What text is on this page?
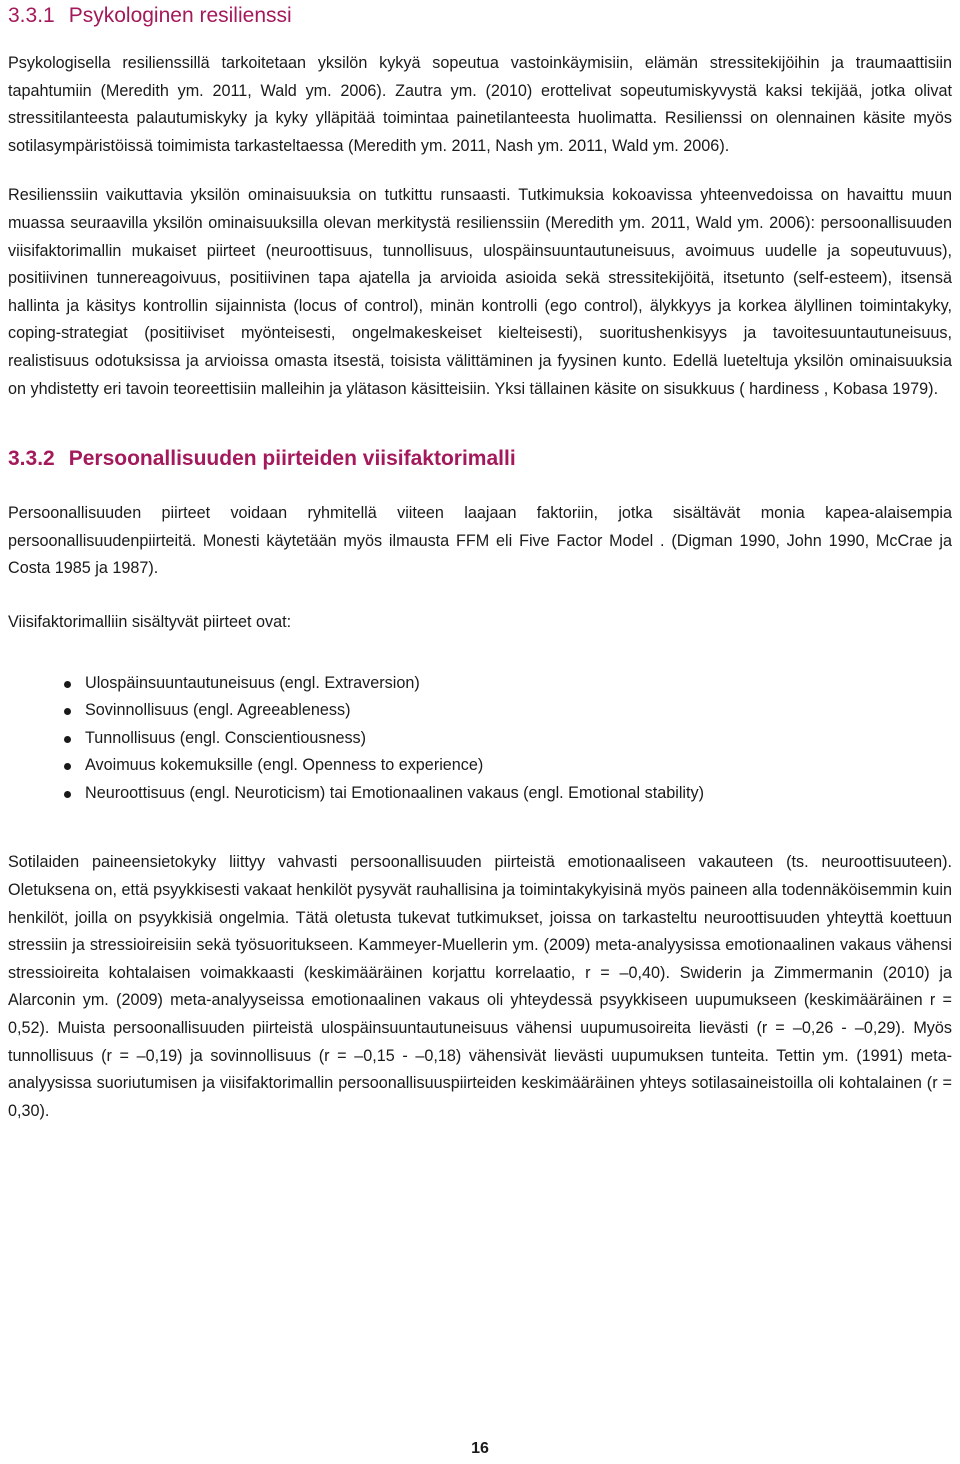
3.3.1 Psykologinen resilienssi

Psykologisella resilienssillä tarkoitetaan yksilön kykyä sopeutua vastoinkäymisiin, elämän stressitekijöihin ja traumaattisiin tapahtumiin (Meredith ym. 2011, Wald ym. 2006). Zautra ym. (2010) erottelivat sopeutumiskyvystä kaksi tekijää, jotka olivat stressitilanteesta palautumiskyky ja kyky ylläpitää toimintaa painetilanteesta huolimatta. Resilienssi on olennainen käsite myös sotilasympäristöissä toimimista tarkasteltaessa (Meredith ym. 2011, Nash ym. 2011, Wald ym. 2006).

Resilienssiin vaikuttavia yksilön ominaisuuksia on tutkittu runsaasti. Tutkimuksia kokoavissa yhteenvedoissa on havaittu muun muassa seuraavilla yksilön ominaisuuksilla olevan merkitystä resilienssiin (Meredith ym. 2011, Wald ym. 2006): persoonallisuuden viisifaktorimallin mukaiset piirteet (neuroottisuus, tunnollisuus, ulospäinsuuntautuneisuus, avoimuus uudelle ja sopeutuvuus), positiivinen tunnereagoivuus, positiivinen tapa ajatella ja arvioida asioida sekä stressitekijöitä, itsetunto (self-esteem), itsensä hallinta ja käsitys kontrollin sijainnista (locus of control), minän kontrolli (ego control), älykkyys ja korkea älyllinen toimintakyky, coping-strategiat (positiiviset myönteisesti, ongelmakeskeiset kielteisesti), suoritushenkisyys ja tavoitesuuntautuneisuus, realistisuus odotuksissa ja arvioissa omasta itsestä, toisista välittäminen ja fyysinen kunto. Edellä lueteltuja yksilön ominaisuuksia on yhdistetty eri tavoin teoreettisiin malleihin ja ylätason käsitteisiin. Yksi tällainen käsite on sisukkuus ( hardiness , Kobasa 1979).

3.3.2 Persoonallisuuden piirteiden viisifaktorimalli

Persoonallisuuden piirteet voidaan ryhmitellä viiteen laajaan faktoriin, jotka sisältävät monia kapea-alaisempia persoonallisuudenpiirteitä. Monesti käytetään myös ilmausta FFM eli Five Factor Model . (Digman 1990, John 1990, McCrae ja Costa 1985 ja 1987).

Viisifaktorimalliin sisältyvät piirteet ovat:

Ulospäinsuuntautuneisuus (engl. Extraversion)
Sovinnollisuus (engl. Agreeableness)
Tunnollisuus (engl. Conscientiousness)
Avoimuus kokemuksille (engl. Openness to experience)
Neuroottisuus (engl. Neuroticism) tai Emotionaalinen vakaus (engl. Emotional stability)

Sotilaiden paineensietokyky liittyy vahvasti persoonallisuuden piirteistä emotionaaliseen vakauteen (ts. neuroottisuuteen). Oletuksena on, että psyykkisesti vakaat henkilöt pysyvät rauhallisina ja toimintakykyisinä myös paineen alla todennäköisemmin kuin henkilöt, joilla on psyykkisiä ongelmia. Tätä oletusta tukevat tutkimukset, joissa on tarkasteltu neuroottisuuden yhteyttä koettuun stressiin ja stressioireisiin sekä työsuoritukseen. Kammeyer-Muellerin ym. (2009) meta-analyysissa emotionaalinen vakaus vähensi stressioireita kohtalaisen voimakkaasti (keskimääräinen korjattu korrelaatio, r = –0,40). Swiderin ja Zimmermanin (2010) ja Alarconin ym. (2009) meta-analyyseissa emotionaalinen vakaus oli yhteydessä psyykkiseen uupumukseen (keskimääräinen r = 0,52). Muista persoonallisuuden piirteistä ulospäinsuuntautuneisuus vähensi uupumusoireita lievästi (r = –0,26 - –0,29). Myös tunnollisuus (r = –0,19) ja sovinnollisuus (r = –0,15 - –0,18) vähensivät lievästi uupumuksen tunteita. Tettin ym. (1991) meta-analyysissa suoriutumisen ja viisifaktorimallin persoonallisuuspiirteiden keskimääräinen yhteys sotilasaineistoilla oli kohtalainen (r = 0,30).

16
